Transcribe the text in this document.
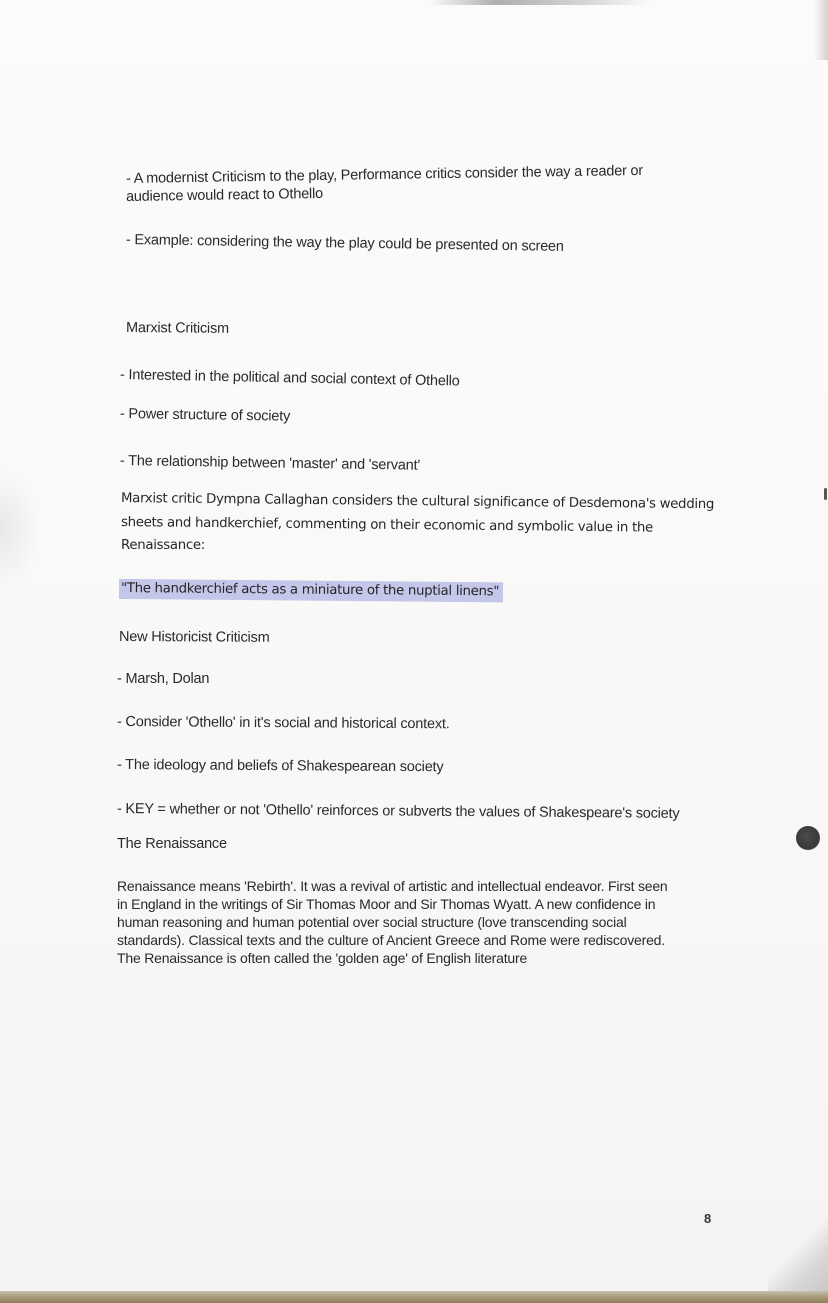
- A modernist Criticism to the play, Performance critics consider the way a reader or
audience would react to Othello
- Example: considering the way the play could be presented on screen
Marxist Criticism
- Interested in the political and social context of Othello
- Power structure of society
- The relationship between 'master' and 'servant'
Marxist critic Dympna Callaghan considers the cultural significance of Desdemona's wedding
sheets and handkerchief, commenting on their economic and symbolic value in the
Renaissance:
"The handkerchief acts as a miniature of the nuptial linens"
New Historicist Criticism
- Marsh, Dolan
- Consider 'Othello' in it's social and historical context.
- The ideology and beliefs of Shakespearean society
- KEY = whether or not 'Othello' reinforces or subverts the values of Shakespeare's society
The Renaissance
Renaissance means 'Rebirth'. It was a revival of artistic and intellectual endeavor. First seen
in England in the writings of Sir Thomas Moor and Sir Thomas Wyatt. A new confidence in
human reasoning and human potential over social structure (love transcending social
standards). Classical texts and the culture of Ancient Greece and Rome were rediscovered.
The Renaissance is often called the 'golden age' of English literature
8
